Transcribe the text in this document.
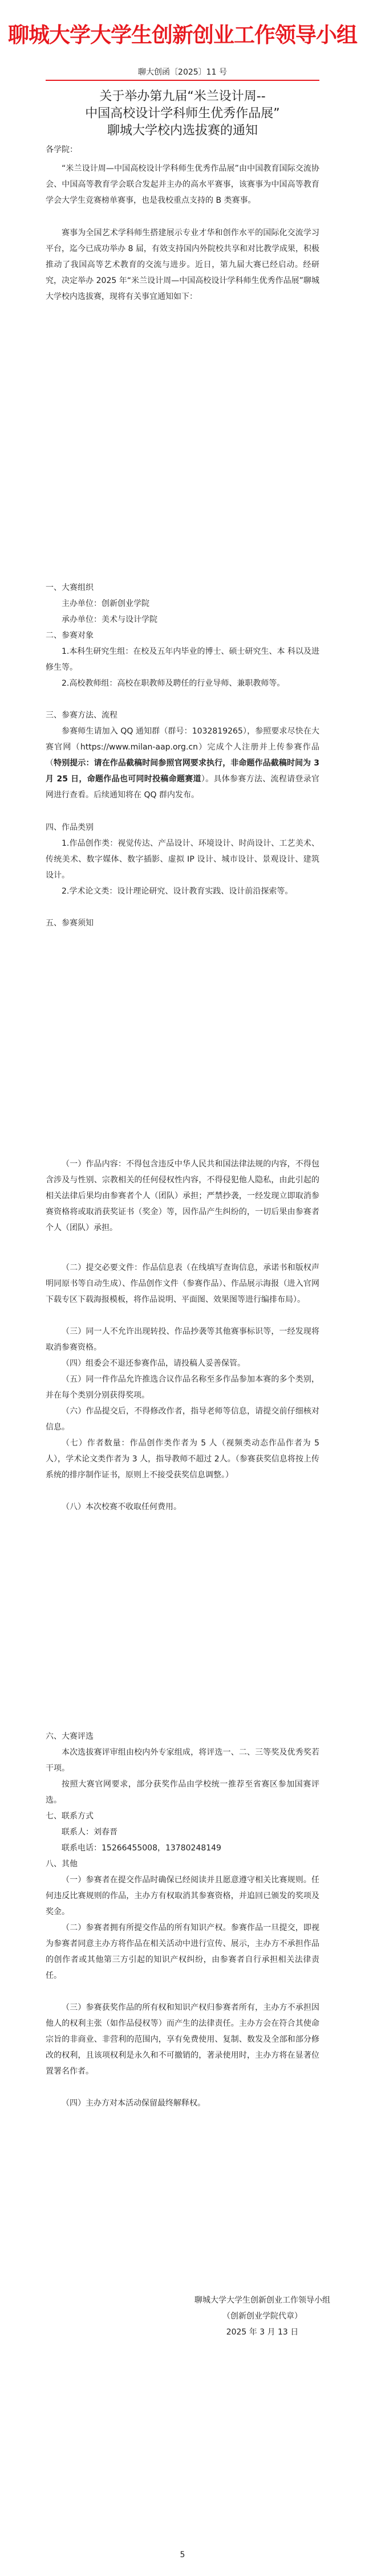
聊城大学大学生创新创业工作领导小组
聊大创函〔2025〕11 号
关于举办第九届“米兰设计周--
中国高校设计学科师生优秀作品展”
聊城大学校内选拔赛的通知
各学院：

“米兰设计周—中国高校设计学科师生优秀作品展”由中国教育国际交流协会、中国高等教育学会联合发起并主办的高水平赛事，该赛事为中国高等教育学会大学生竞赛榜单赛事，也是我校重点支持的 B 类赛事。

赛事为全国艺术学科师生搭建展示专业才华和创作水平的国际化交流学习平台，迄今已成功举办 8 届，有效支持国内外院校共享和对比教学成果，积极推动了我国高等艺术教育的交流与进步。近日，第九届大赛已经启动。经研究，决定举办 2025 年“米兰设计周—中国高校设计学科师生优秀作品展”聊城大学校内选拔赛，现将有关事宜通知如下：

一、大赛组织
主办单位：创新创业学院
承办单位：美术与设计学院
二、参赛对象

1.本科生研究生组：在校及五年内毕业的博士、硕士研究生、本 科以及进修生等。

2.高校教师组：高校在职教师及聘任的行业导师、兼职教师等。

三、参赛方法、流程

参赛师生请加入 QQ 通知群（群号：1032819265），参照要求尽快在大赛官网（https://www.milan-aap.org.cn）完成个人注册并上传参赛作品（特别提示：请在作品截稿时间参照官网要求执行，非命题作品截稿时间为 3 月 25 日，命题作品也可同时投稿命题赛道）。具体参赛方法、流程请登录官网进行查看。后续通知将在 QQ 群内发布。

四、作品类别

1.作品创作类：视觉传达、产品设计、环境设计、时尚设计、工艺美术、传统美术、数字媒体、数字插影、虚拟 IP 设计、城市设计、景观设计、建筑设计。

2.学术论文类：设计理论研究、设计教育实践、设计前沿探索等。

五、参赛须知

（一）作品内容：不得包含违反中华人民共和国法律法规的内容，不得包含涉及与性别、宗教相关的任何侵权性内容，不得侵犯他人隐私，由此引起的相关法律后果均由参赛者个人（团队）承担；严禁抄袭，一经发现立即取消参赛资格将或取消获奖证书（奖金）等，因作品产生纠纷的，一切后果由参赛者个人（团队）承担。

（二）提交必要文件：作品信息表（在线填写查询信息，承诺书和版权声明同原书等自动生成）、作品创作文件（参赛作品）、作品展示海报（进入官网下载专区下载海报模板，将作品说明、平面图、效果图等进行编排布局）。

（三）同一人不允许出现转投、作品抄袭等其他赛事标识等，一经发现将取消参赛资格。

（四）组委会不退还参赛作品，请投稿人妥善保管。

（五）同一件作品允许推选合议作品名称至多作品参加本赛的多个类别，并在每个类别分别获得奖项。

（六）作品提交后，不得修改作者，指导老师等信息，请提交前仔细核对信息。

（七）作者数量：作品创作类作者为 5 人（视频类动态作品作者为 5 人），学术论文类作者为 3 人，指导教师不超过 2人。（参赛获奖信息将按上传系统的排序制作证书，原则上不接受获奖信息调整。）

（八）本次校赛不收取任何费用。

六、大赛评选

本次选拔赛评审组由校内外专家组成，将评选一、二、三等奖及优秀奖若干项。

按照大赛官网要求，部分获奖作品由学校统一推荐至省赛区参加国赛评选。

七、联系方式
联系人：刘春晋
联系电话：15266455008，13780248149
八、其他

（一）参赛者在提交作品时确保已经阅读并且愿意遵守相关比赛规则。任何违反比赛规则的作品，主办方有权取消其参赛资格，并追回已颁发的奖项及奖金。

（二）参赛者拥有所提交作品的所有知识产权。参赛作品一旦提交，即视为参赛者同意主办方将作品在相关活动中进行宣传、展示，主办方不承担作品的创作者或其他第三方引起的知识产权纠纷，由参赛者自行承担相关法律责任。

（三）参赛获奖作品的所有权和知识产权归参赛者所有，主办方不承担因他人的权利主张（如作品侵权等）而产生的法律责任。主办方会在符合其使命宗旨的非商业、非营利的范围内，享有免费使用、复制、数发及全部和部分修改的权利，且该项权利是永久和不可撤销的，著录使用时，主办方将在显著位置署名作者。

（四）主办方对本活动保留最终解释权。

聊城大学大学生创新创业工作领导小组
（创新创业学院代章）
2025 年 3 月 13 日
5
